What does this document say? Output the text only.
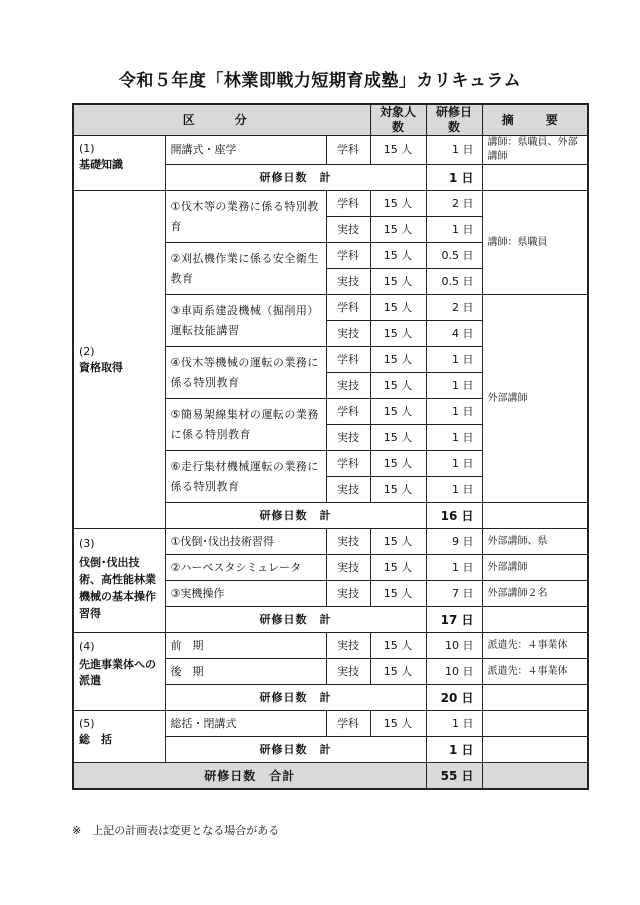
令和５年度「林業即戦力短期育成塾」カリキュラム
区　分			対象人数	研修日数	摘　要

(1)
基礎知識	開講式・座学	学科	15 人	1 日	講師：県職員、外部講師
	研修日数　計			1 日	

(2)
資格取得	①伐木等の業務に係る特別教育	学科	15 人	2 日	講師：県職員
		実技	15 人	1 日	
	②刈払機作業に係る安全衛生教育	学科	15 人	0.5 日	
		実技	15 人	0.5 日	
	③車両系建設機械（掘削用）運転技能講習	学科	15 人	2 日	外部講師
		実技	15 人	4 日	
	④伐木等機械の運転の業務に係る特別教育	学科	15 人	1 日	
		実技	15 人	1 日	
	⑤簡易架線集材の運転の業務に係る特別教育	学科	15 人	1 日	
		実技	15 人	1 日	
	⑥走行集材機械運転の業務に係る特別教育	学科	15 人	1 日	
		実技	15 人	1 日	
	研修日数　計			16 日	

(3)
伐倒･伐出技術、高性能林業機械の基本操作習得	①伐倒･伐出技術習得	実技	15 人	9 日	外部講師、県
	②ハーベスタシミュレータ	実技	15 人	1 日	外部講師
	③実機操作	実技	15 人	7 日	外部講師２名
	研修日数　計			17 日	

(4)
先進事業体への派遣	前　期	実技	15 人	10 日	派遣先：４事業体
	後　期	実技	15 人	10 日	派遣先：４事業体
	研修日数　計			20 日	

(5)
総　括	総括・閉講式	学科	15 人	1 日	
	研修日数　計			1 日	
研修日数　合計				55 日	
※　上記の計画表は変更となる場合がある
